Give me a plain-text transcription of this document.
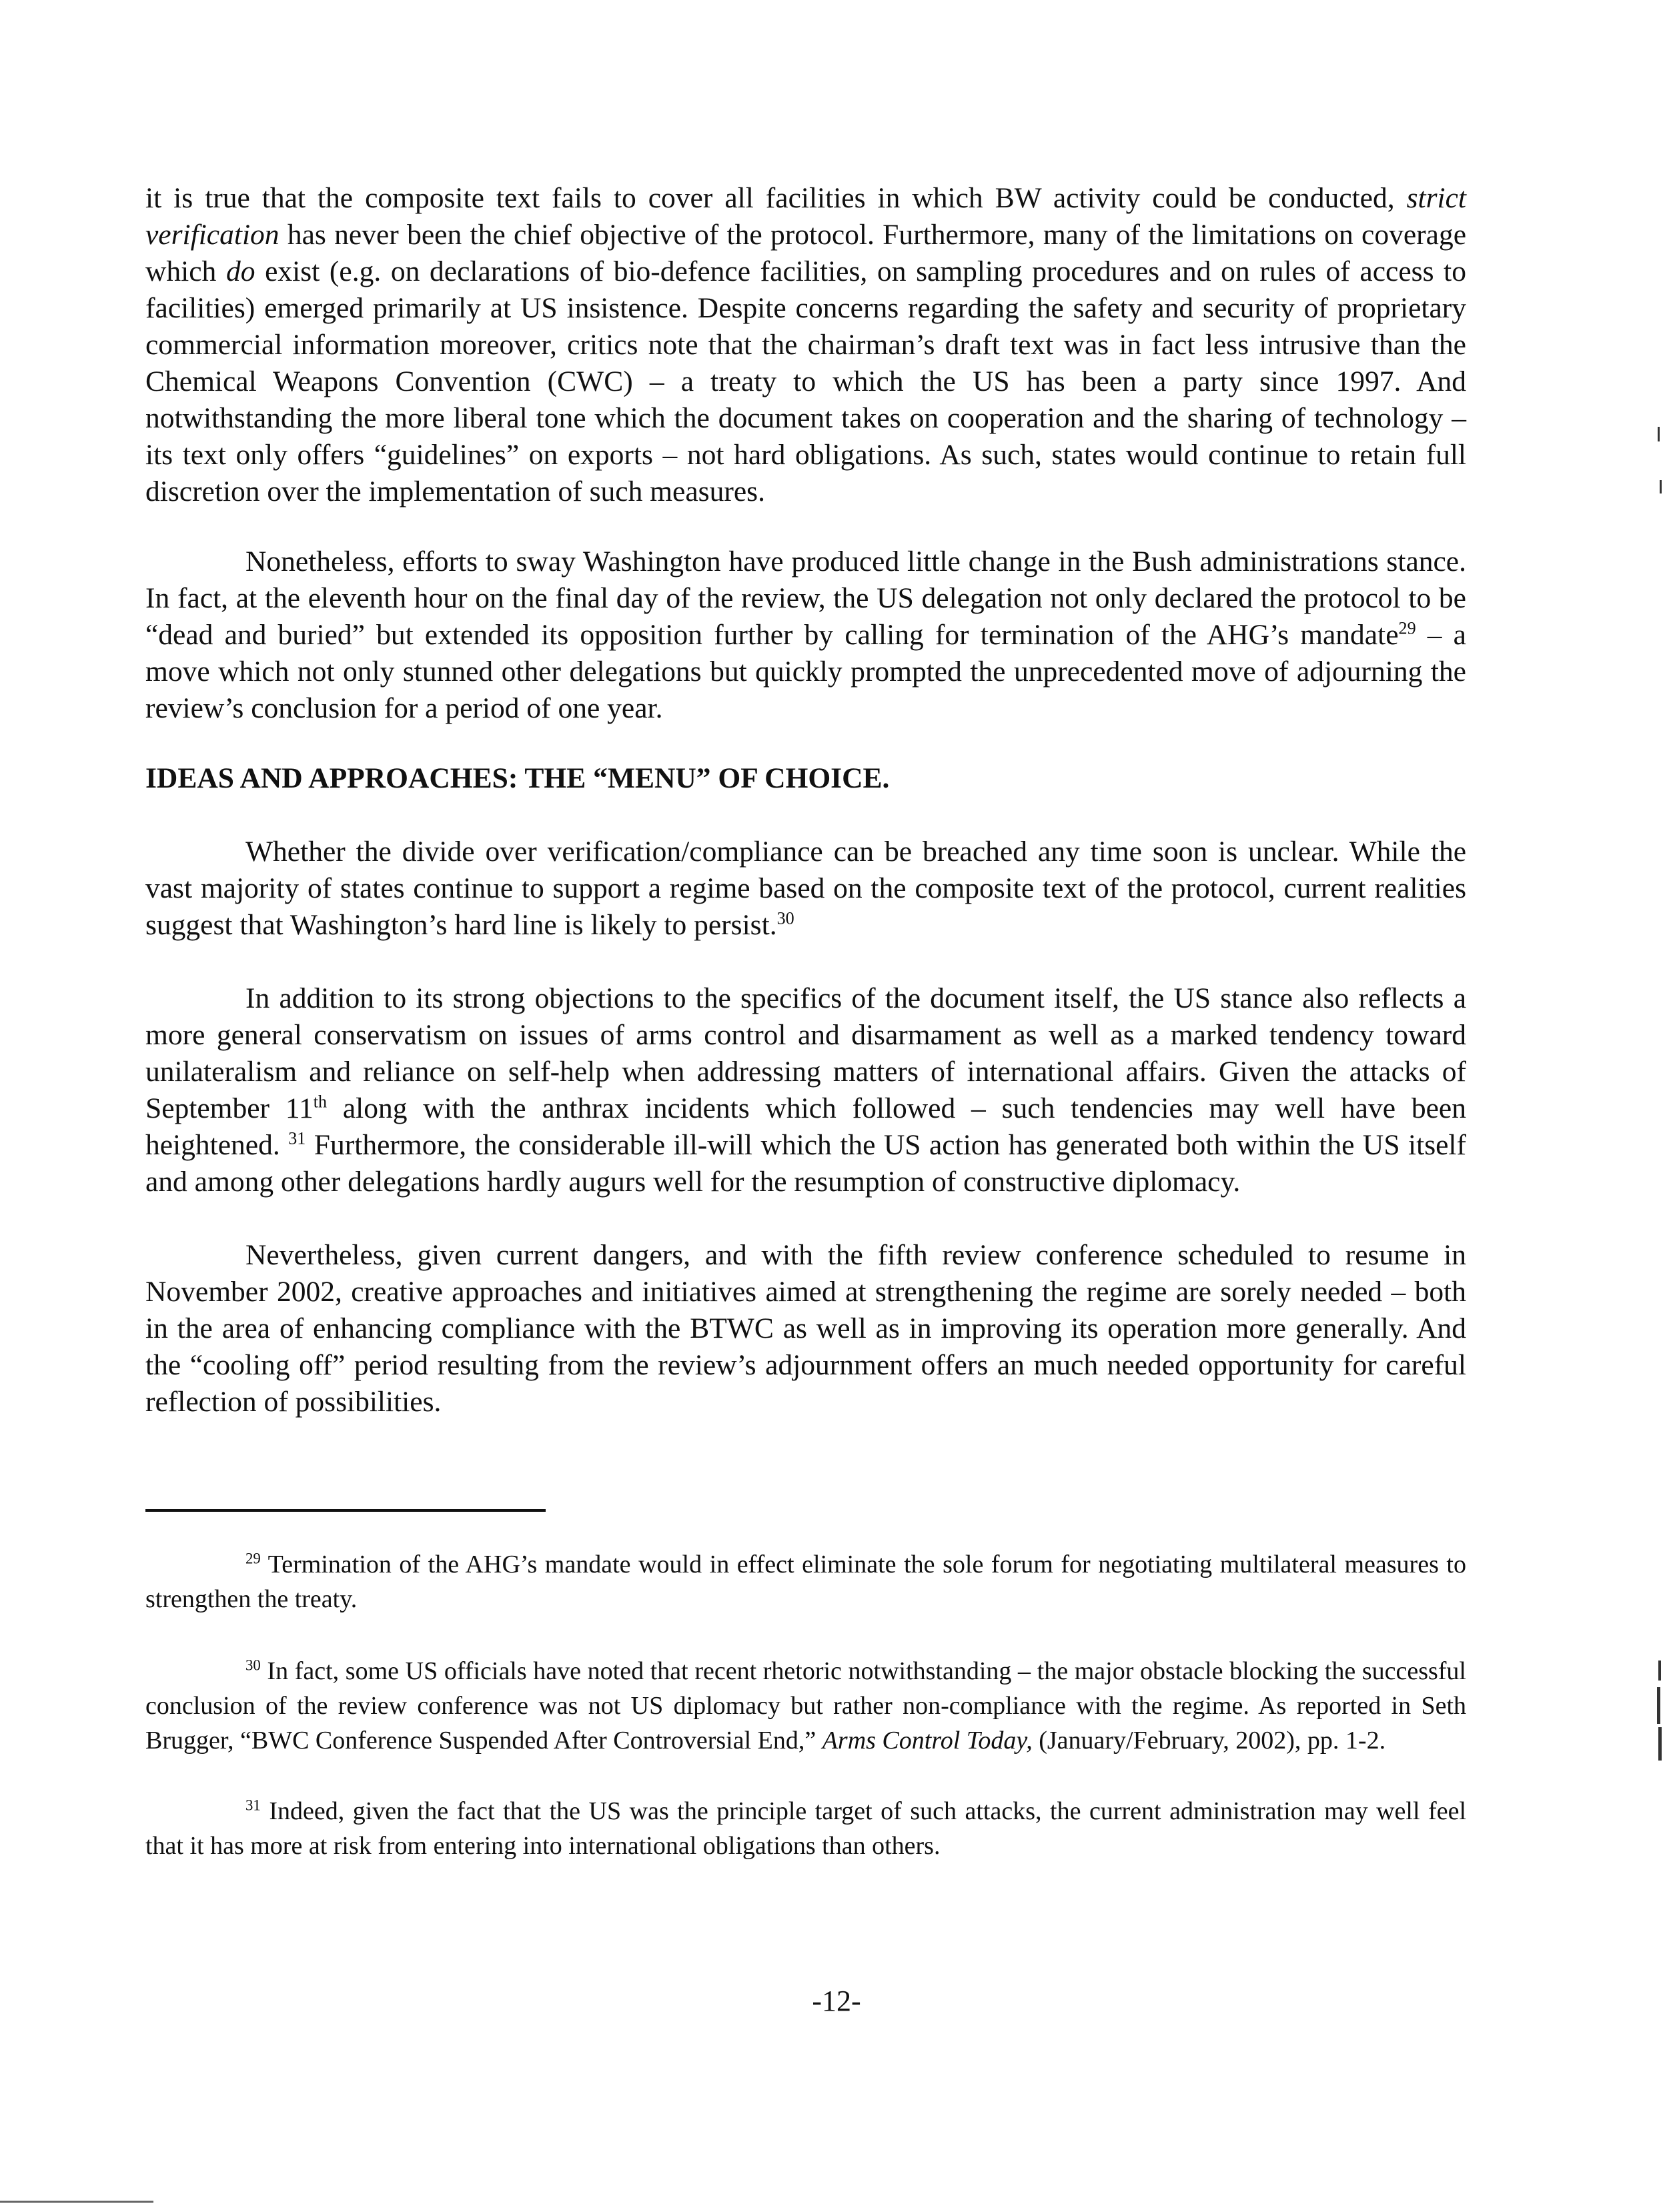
it is true that the composite text fails to cover all facilities in which BW activity could be conducted, strict verification has never been the chief objective of the protocol. Furthermore, many of the limitations on coverage which do exist (e.g. on declarations of bio-defence facilities, on sampling procedures and on rules of access to facilities) emerged primarily at US insistence. Despite concerns regarding the safety and security of proprietary commercial information moreover, critics note that the chairman’s draft text was in fact less intrusive than the Chemical Weapons Convention (CWC) – a treaty to which the US has been a party since 1997. And notwithstanding the more liberal tone which the document takes on cooperation and the sharing of technology – its text only offers “guidelines” on exports – not hard obligations. As such, states would continue to retain full discretion over the implementation of such measures.

Nonetheless, efforts to sway Washington have produced little change in the Bush administrations stance. In fact, at the eleventh hour on the final day of the review, the US delegation not only declared the protocol to be “dead and buried” but extended its opposition further by calling for termination of the AHG’s mandate$^{29}$ – a move which not only stunned other delegations but quickly prompted the unprecedented move of adjourning the review’s conclusion for a period of one year.

IDEAS AND APPROACHES: THE “MENU” OF CHOICE.

Whether the divide over verification/compliance can be breached any time soon is unclear. While the vast majority of states continue to support a regime based on the composite text of the protocol, current realities suggest that Washington’s hard line is likely to persist.$^{30}$

In addition to its strong objections to the specifics of the document itself, the US stance also reflects a more general conservatism on issues of arms control and disarmament as well as a marked tendency toward unilateralism and reliance on self-help when addressing matters of international affairs. Given the attacks of September 11th along with the anthrax incidents which followed – such tendencies may well have been heightened. $^{31}$ Furthermore, the considerable ill-will which the US action has generated both within the US itself and among other delegations hardly augurs well for the resumption of constructive diplomacy.

Nevertheless, given current dangers, and with the fifth review conference scheduled to resume in November 2002, creative approaches and initiatives aimed at strengthening the regime are sorely needed – both in the area of enhancing compliance with the BTWC as well as in improving its operation more generally. And the “cooling off” period resulting from the review’s adjournment offers an much needed opportunity for careful reflection of possibilities.

$^{29}$ Termination of the AHG’s mandate would in effect eliminate the sole forum for negotiating multilateral measures to strengthen the treaty.

$^{30}$ In fact, some US officials have noted that recent rhetoric notwithstanding – the major obstacle blocking the successful conclusion of the review conference was not US diplomacy but rather non-compliance with the regime. As reported in Seth Brugger, “BWC Conference Suspended After Controversial End,” Arms Control Today, (January/February, 2002), pp. 1-2.

$^{31}$ Indeed, given the fact that the US was the principle target of such attacks, the current administration may well feel that it has more at risk from entering into international obligations than others.

-12-
